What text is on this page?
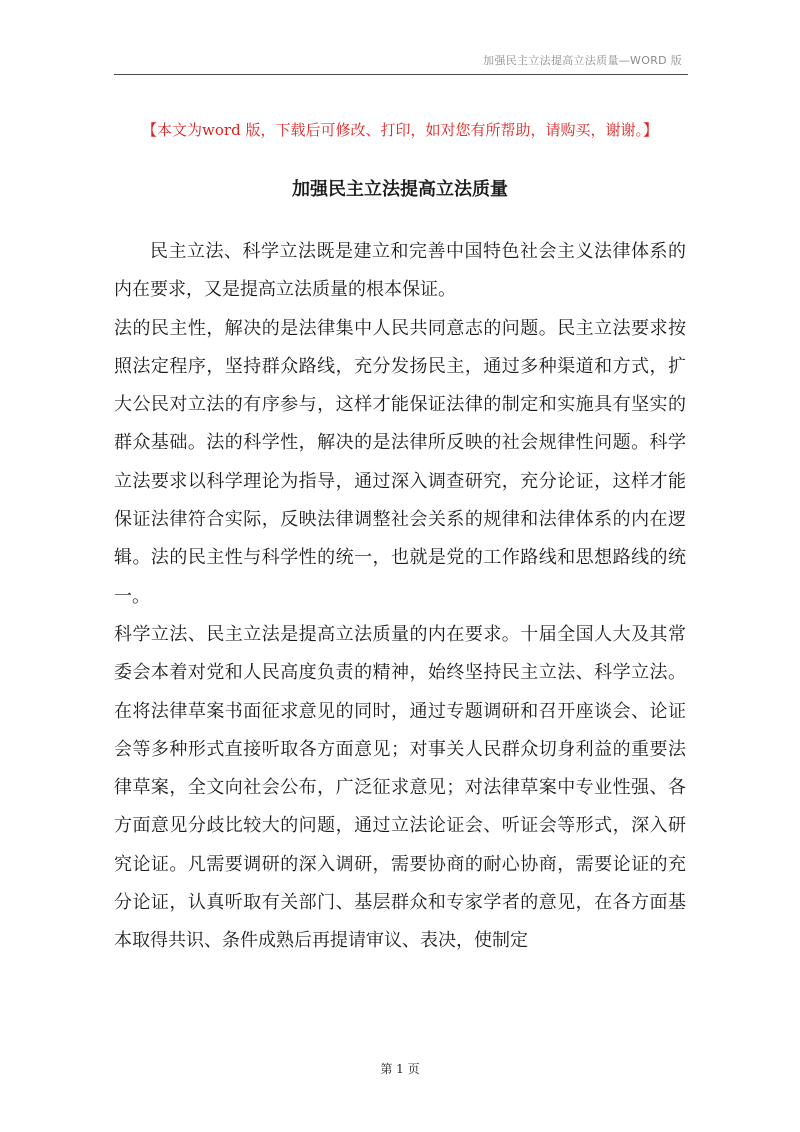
加强民主立法提高立法质量—WORD 版
【本文为word 版，下载后可修改、打印，如对您有所帮助，请购买，谢谢。】
加强民主立法提高立法质量

民主立法、科学立法既是建立和完善中国特色社会主义法律体系的内在要求，又是提高立法质量的根本保证。

法的民主性，解决的是法律集中人民共同意志的问题。民主立法要求按照法定程序，坚持群众路线，充分发扬民主，通过多种渠道和方式，扩大公民对立法的有序参与，这样才能保证法律的制定和实施具有坚实的群众基础。法的科学性，解决的是法律所反映的社会规律性问题。科学立法要求以科学理论为指导，通过深入调查研究，充分论证，这样才能保证法律符合实际，反映法律调整社会关系的规律和法律体系的内在逻辑。法的民主性与科学性的统一，也就是党的工作路线和思想路线的统一。

科学立法、民主立法是提高立法质量的内在要求。十届全国人大及其常委会本着对党和人民高度负责的精神，始终坚持民主立法、科学立法。在将法律草案书面征求意见的同时，通过专题调研和召开座谈会、论证会等多种形式直接听取各方面意见；对事关人民群众切身利益的重要法律草案，全文向社会公布，广泛征求意见；对法律草案中专业性强、各方面意见分歧比较大的问题，通过立法论证会、听证会等形式，深入研究论证。凡需要调研的深入调研，需要协商的耐心协商，需要论证的充分论证，认真听取有关部门、基层群众和专家学者的意见，在各方面基本取得共识、条件成熟后再提请审议、表决，使制定

第 1 页
